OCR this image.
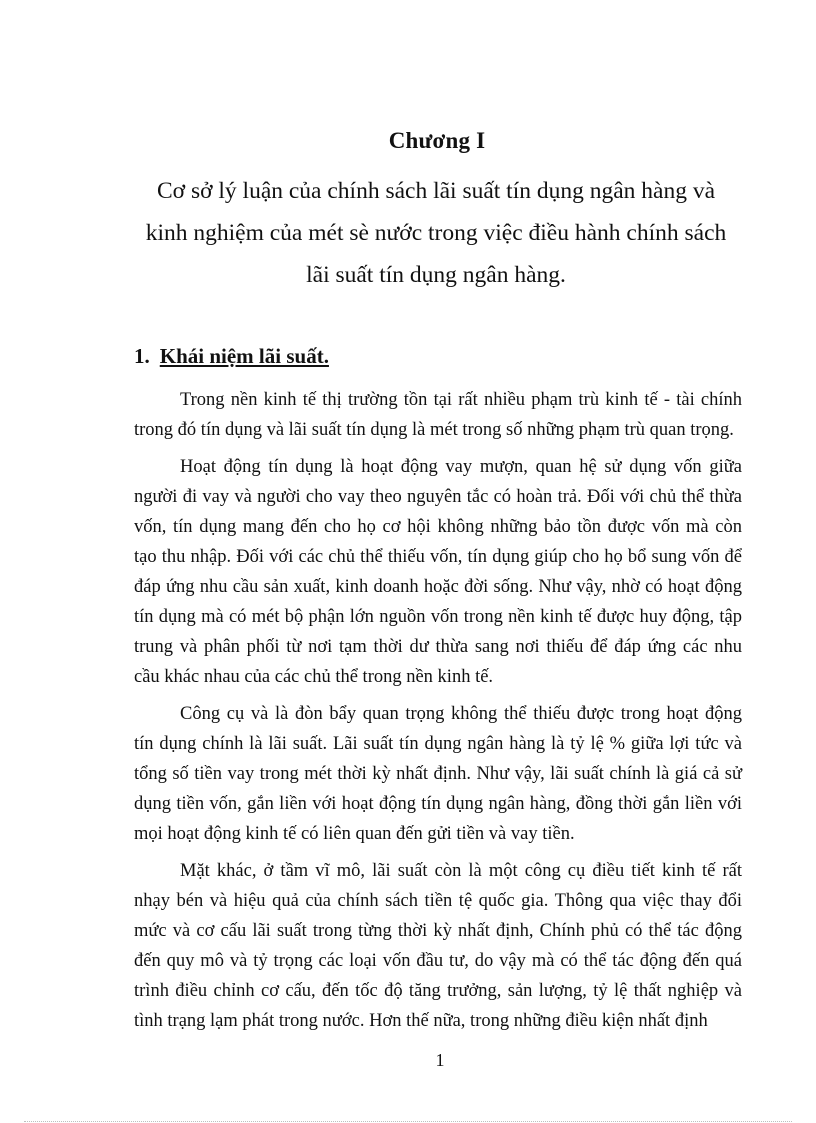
Chương I
Cơ sở lý luận của chính sách lãi suất tín dụng ngân hàng và
kinh nghiệm của mét sè nước trong việc điều hành chính sách
lãi suất tín dụng ngân hàng.
1. Khái niệm lãi suất.
Trong nền kinh tế thị trường tồn tại rất nhiều phạm trù kinh tế - tài chính
trong đó tín dụng và lãi suất tín dụng là mét trong số những phạm trù quan trọng.
Hoạt động tín dụng là hoạt động vay mượn, quan hệ sử dụng vốn giữa
người đi vay và người cho vay theo nguyên tắc có hoàn trả. Đối với chủ thể thừa
vốn, tín dụng mang đến cho họ cơ hội không những bảo tồn được vốn mà còn
tạo thu nhập. Đối với các chủ thể thiếu vốn, tín dụng giúp cho họ bổ sung vốn để
đáp ứng nhu cầu sản xuất, kinh doanh hoặc đời sống. Như vậy, nhờ có hoạt động
tín dụng mà có mét bộ phận lớn nguồn vốn trong nền kinh tế được huy động, tập
trung và phân phối từ nơi tạm thời dư thừa sang nơi thiếu để đáp ứng các nhu
cầu khác nhau của các chủ thể trong nền kinh tế.
Công cụ và là đòn bẩy quan trọng không thể thiếu được trong hoạt động
tín dụng chính là lãi suất. Lãi suất tín dụng ngân hàng là tỷ lệ % giữa lợi tức và
tổng số tiền vay trong mét thời kỳ nhất định. Như vậy, lãi suất chính là giá cả sử
dụng tiền vốn, gắn liền với hoạt động tín dụng ngân hàng, đồng thời gắn liền với
mọi hoạt động kinh tế có liên quan đến gửi tiền và vay tiền.
Mặt khác, ở tầm vĩ mô, lãi suất còn là một công cụ điều tiết kinh tế rất
nhạy bén và hiệu quả của chính sách tiền tệ quốc gia. Thông qua việc thay đổi
mức và cơ cấu lãi suất trong từng thời kỳ nhất định, Chính phủ có thể tác động
đến quy mô và tỷ trọng các loại vốn đầu tư, do vậy mà có thể tác động đến quá
trình điều chỉnh cơ cấu, đến tốc độ tăng trưởng, sản lượng, tỷ lệ thất nghiệp và
tình trạng lạm phát trong nước. Hơn thế nữa, trong những điều kiện nhất định
1
